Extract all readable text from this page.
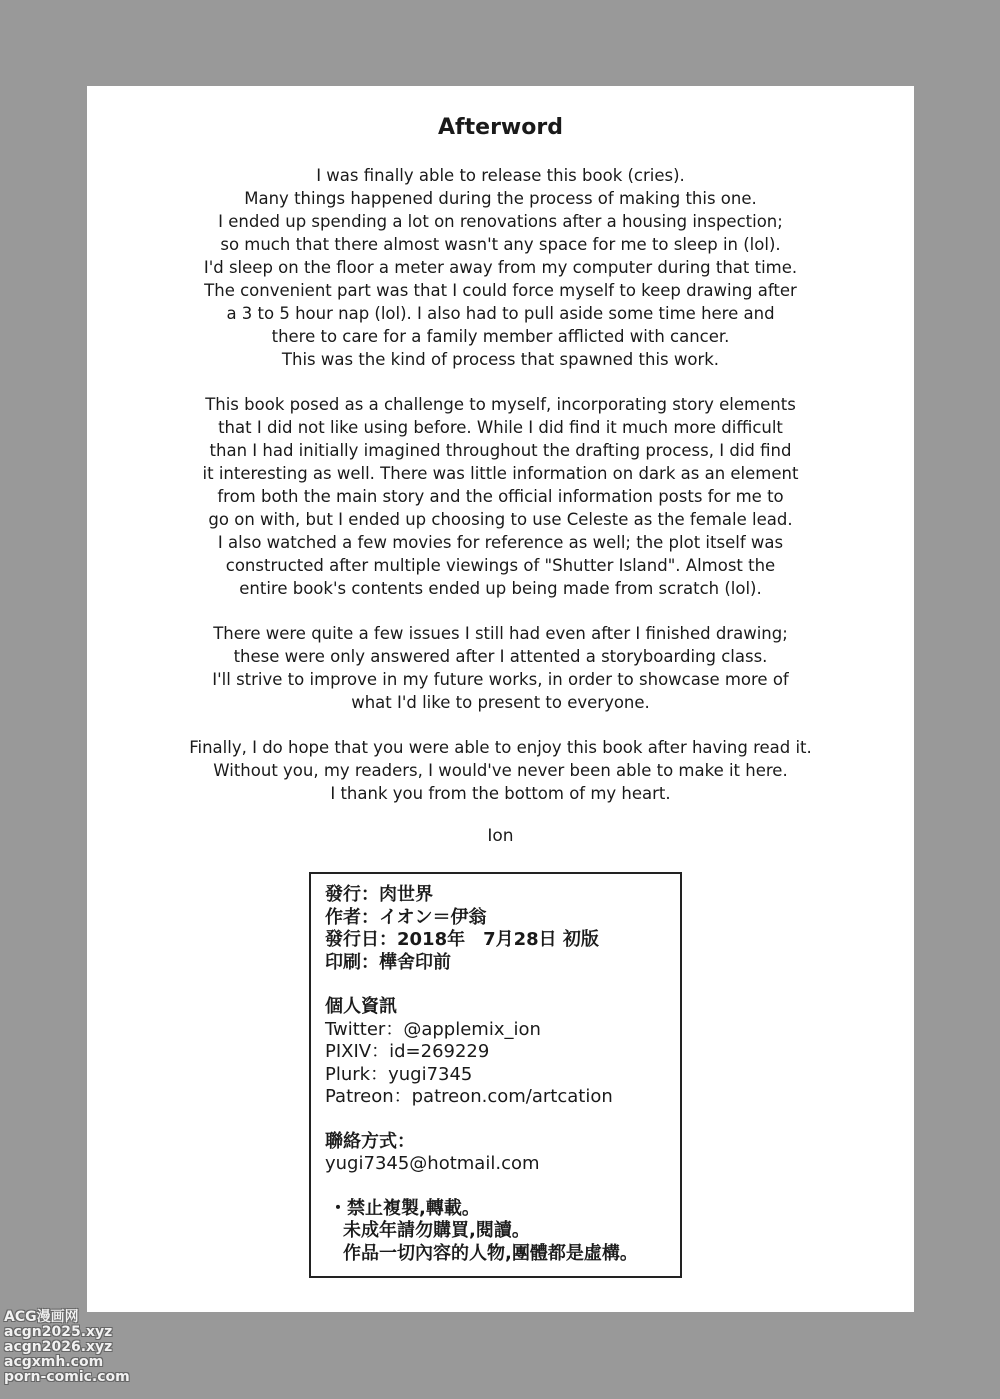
Afterword

I was finally able to release this book (cries).
Many things happened during the process of making this one.
I ended up spending a lot on renovations after a housing inspection;
so much that there almost wasn't any space for me to sleep in (lol).
I'd sleep on the floor a meter away from my computer during that time.
The convenient part was that I could force myself to keep drawing after
a 3 to 5 hour nap (lol). I also had to pull aside some time here and
there to care for a family member afflicted with cancer.
This was the kind of process that spawned this work.

This book posed as a challenge to myself, incorporating story elements
that I did not like using before. While I did find it much more difficult
than I had initially imagined throughout the drafting process, I did find
it interesting as well. There was little information on dark as an element
from both the main story and the official information posts for me to
go on with, but I ended up choosing to use Celeste as the female lead.
I also watched a few movies for reference as well; the plot itself was
constructed after multiple viewings of "Shutter Island". Almost the
entire book's contents ended up being made from scratch (lol).

There were quite a few issues I still had even after I finished drawing;
these were only answered after I attented a storyboarding class.
I'll strive to improve in my future works, in order to showcase more of
what I'd like to present to everyone.

Finally, I do hope that you were able to enjoy this book after having read it.
Without you, my readers, I would've never been able to make it here.
I thank you from the bottom of my heart.

Ion
發行：肉世界
作者：イオン＝伊翁
發行日：2018年　7月28日 初版
印刷：樺舍印前
個人資訊
Twitter：@applemix_ion
PIXIV：id=269229
Plurk：yugi7345
Patreon：patreon.com/artcation
聯絡方式：
yugi7345@hotmail.com
・禁止複製,轉載。
未成年請勿購買,閱讀。
作品一切內容的人物,團體都是虛構。
ACG漫画网
acgn2025.xyz
acgn2026.xyz
acgxmh.com
porn-comic.com
